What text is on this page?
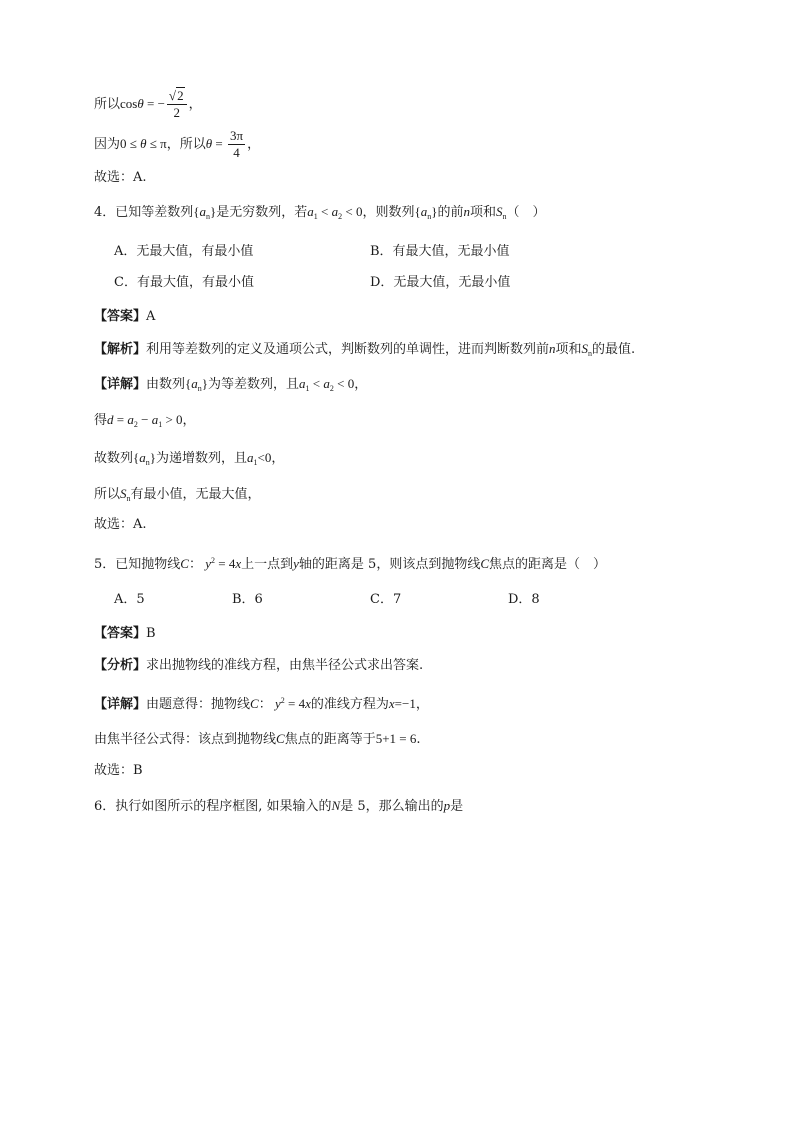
所以cosθ = − $\frac{√2}{2}$ ，
因为0 ≤ θ ≤ π，所以$\theta = \frac{3\pi}{4}$ ，
故选：A.
4．已知等差数列$\{a_n\}$是无穷数列，若$a_1 < a_2 < 0$，则数列$\{a_n\}$的前n项和$S_n$（　）
A．无最大值，有最小值	B．有最大值，无最小值
C．有最大值，有最小值	D．无最大值，无最小值
【答案】A
【解析】利用等差数列的定义及通项公式，判断数列的单调性，进而判断数列前n项和$S_n$的最值.
【详解】由数列$\{a_n\}$为等差数列，且$a_1 < a_2 < 0$，
得$d = a_2 - a_1 > 0$，
故数列$\{a_n\}$为递增数列，且$a_1<0$，
所以$S_n$有最小值，无最大值，
故选：A.
5．已知抛物线C： $y^2 = 4x$上一点到y轴的距离是 5，则该点到抛物线C焦点的距离是（　）
A．5	B．6	C．7	D．8
【答案】B
【分析】求出抛物线的准线方程，由焦半径公式求出答案.
【详解】由题意得：抛物线C： $y^2 = 4x$的准线方程为x=−1，
由焦半径公式得：该点到抛物线C焦点的距离等于5+1 = 6.
故选：B
6．执行如图所示的程序框图, 如果输入的N是 5，那么输出的p是
